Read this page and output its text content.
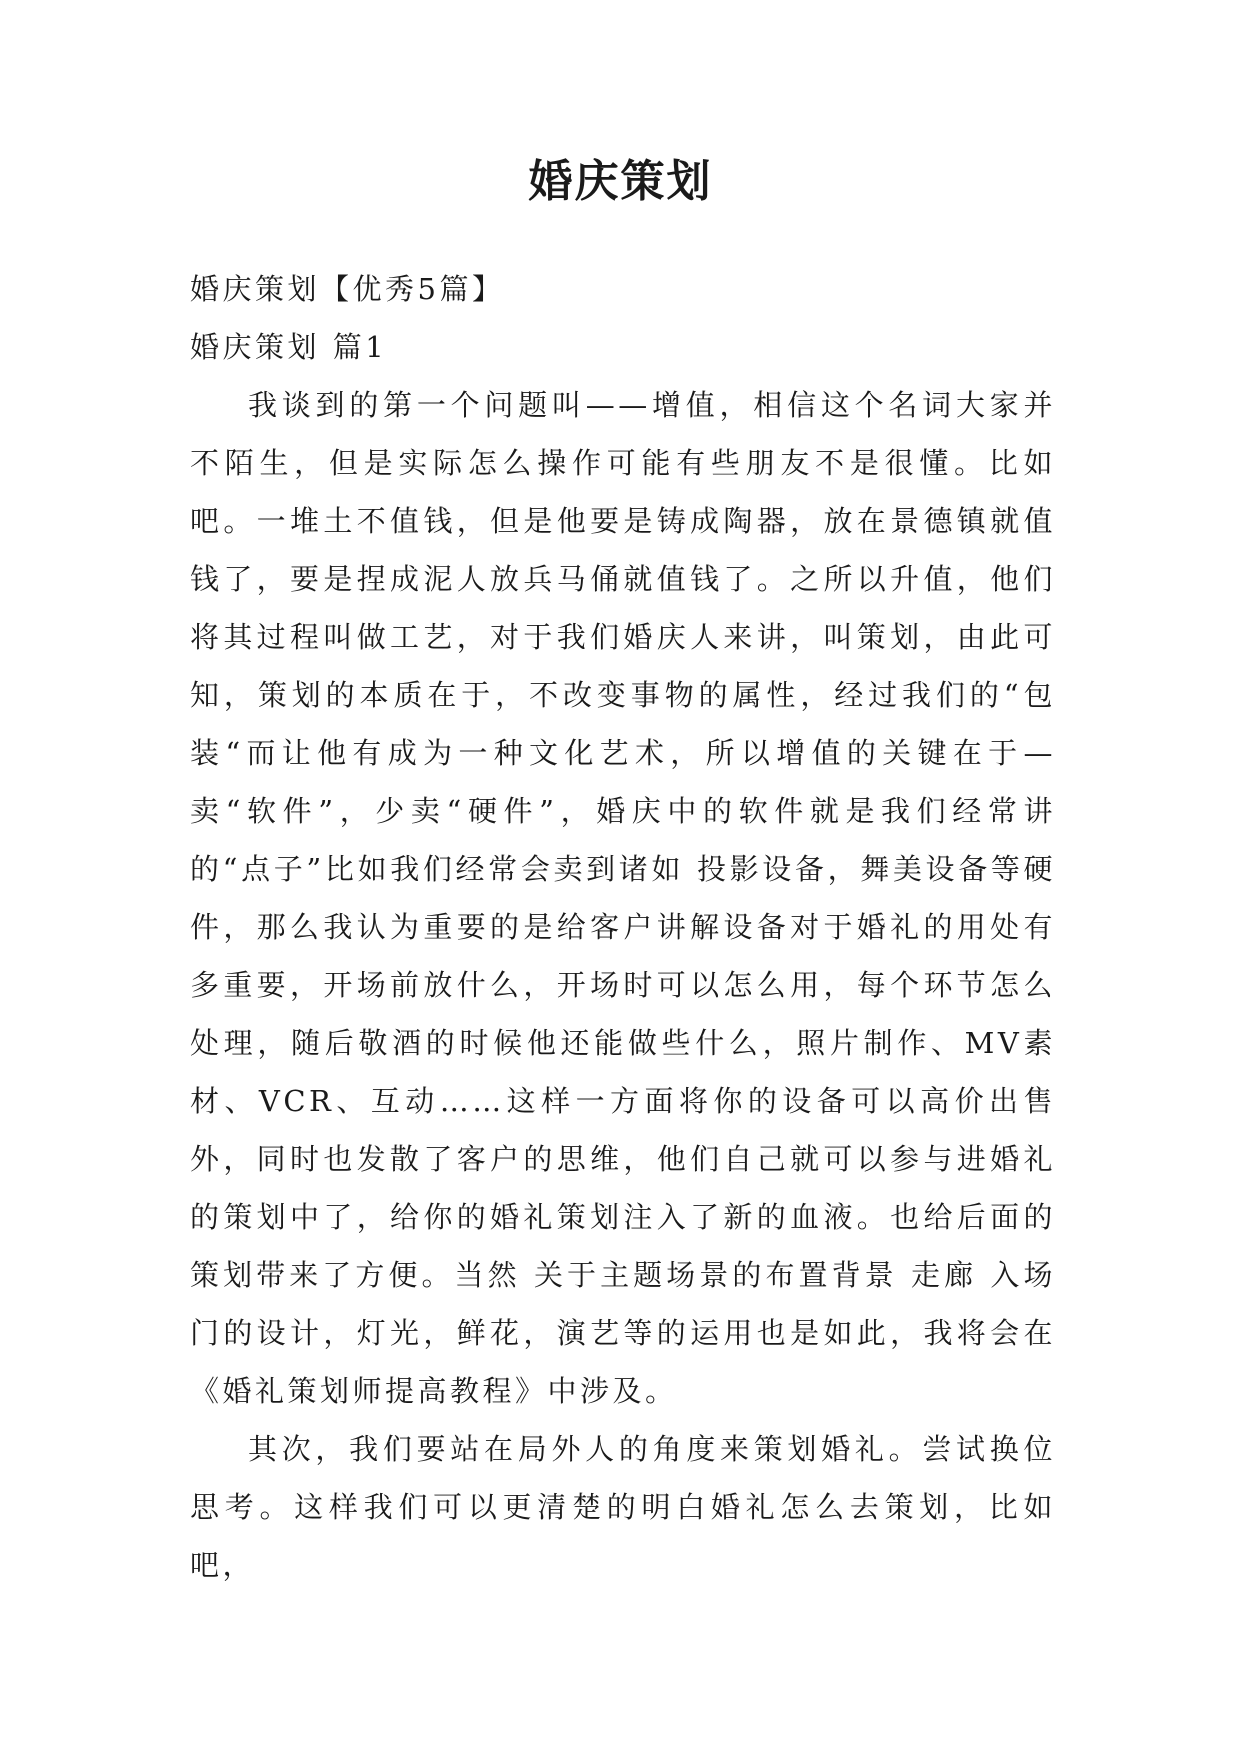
婚庆策划

婚庆策划【优秀5篇】

婚庆策划 篇1

我谈到的第一个问题叫——增值，相信这个名词大家并不陌生，但是实际怎么操作可能有些朋友不是很懂。比如吧。一堆土不值钱，但是他要是铸成陶器，放在景德镇就值钱了，要是捏成泥人放兵马俑就值钱了。之所以升值，他们将其过程叫做工艺，对于我们婚庆人来讲，叫策划，由此可知，策划的本质在于，不改变事物的属性，经过我们的“包装“而让他有成为一种文化艺术，所以增值的关键在于—卖“软件”，少卖“硬件”，婚庆中的软件就是我们经常讲的“点子”比如我们经常会卖到诸如 投影设备，舞美设备等硬件，那么我认为重要的是给客户讲解设备对于婚礼的用处有多重要，开场前放什么，开场时可以怎么用，每个环节怎么处理，随后敬酒的时候他还能做些什么，照片制作、MV素材、VCR、互动……这样一方面将你的设备可以高价出售外，同时也发散了客户的思维，他们自己就可以参与进婚礼的策划中了，给你的婚礼策划注入了新的血液。也给后面的策划带来了方便。当然 关于主题场景的布置背景 走廊 入场门的设计，灯光，鲜花，演艺等的运用也是如此，我将会在《婚礼策划师提高教程》中涉及。

其次，我们要站在局外人的角度来策划婚礼。尝试换位思考。这样我们可以更清楚的明白婚礼怎么去策划，比如吧，
